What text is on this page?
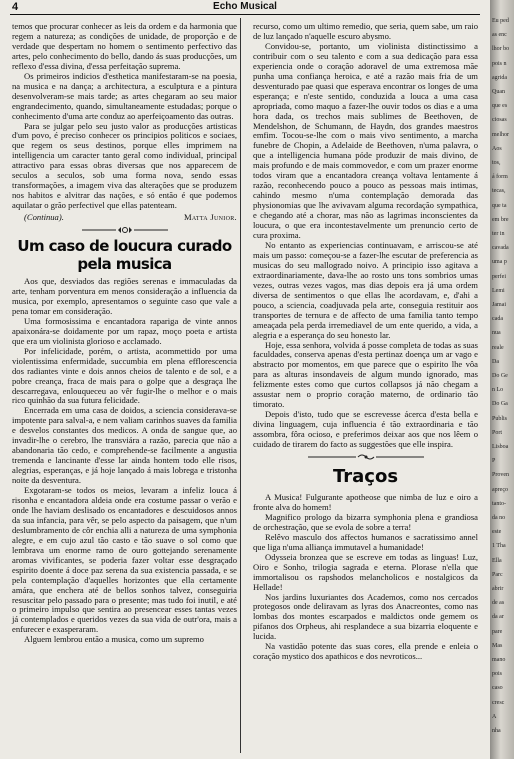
4	Echo Musical

temos que procurar conhecer as leis da ordem e da harmonia que regem a natureza; as condições de unidade, de proporção e de verdade que despertam no homem o sentimento perfectivo das artes, pelo conhecimento do bello, dando ás suas producções, um reflexo d'essa divina, d'essa perfeitação suprema.

Os primeiros indicios d'esthetica manifestaram-se na poesia, na musica e na dança; a architectura, a esculptura e a pintura desenvolveram-se mais tarde; as artes chegaram ao seu maior engrandecimento, quando, simultaneamente estudadas; porque o conhecimento d'uma arte conduz ao aperfeiçoamento das outras.

Para se julgar pelo seu justo valor as producções artisticas d'um povo, é preciso conhecer os principios politicos e sociaes, que regem os seus destinos, porque elles imprimem na intelligencia um caracter tanto geral como individual, principal attractivo para essas obras diversas que nos apparecem de seculos a seculos, sob uma forma nova, sendo essas transformações, a imagem viva das alterações que se produzem nos habitos e alvitrar das nações, e só então é que podemos aquilatar o grão perfectivel que ellas patenteam.

(Continua).	Matta Junior.

Um caso de loucura curado pela musica

Aos que, desviados das regiões serenas e immaculadas da arte, tenham porventura em menos consideração a influencia da musica, por exemplo, apresentamos o seguinte caso que vale a pena tomar em consideração.

Uma formosissima e encantadora rapariga de vinte annos apaixonára-se doidamente por um rapaz, moço poeta e artista que era um violinista glorioso e acclamado.

Por infelicidade, porém, o artista, acommettido por uma violentissima enfermidade, succumbia em plena efflorescencia dos radiantes vinte e dois annos cheios de talento e de sol, e a pobre creança, fraca de mais para o golpe que a desgraça lhe descarregava, enlouqueceu ao vêr fugir-lhe o melhor e o mais rico quinhão da sua futura felicidade.

Encerrada em uma casa de doidos, a sciencia considerava-se impotente para salval-a, e nem valiam carinhos suaves da familia e desvelos constantes dos medicos. A onda de sangue que, ao invadir-lhe o cerebro, lhe transviára a razão, parecia que não a abandonaria tão cedo, e comprehende-se facilmente a angustia tremenda e lancinante d'esse lar ainda hontem todo elle risos, alegrias, esperanças, e já hoje lançado á mais lobrega e tristonha noite da desventura.

Exgotaram-se todos os meios, levaram a infeliz louca á risonha e encantadora aldeia onde era costume passar o verão e onde lhe haviam deslisado os encantadores e descuidosos annos da sua infancia, para vêr, se pelo aspecto da paisagem, que n'um deslumbramento de côr enchia alli a natureza de uma symphonia alegre, e em cujo azul tão casto e tão suave o sol como que lembrava um enorme ramo de ouro gottejando serenamente aromas vivificantes, se poderia fazer voltar esse desgraçado espirito doente á doce paz serena da sua existencia passada, e se pela contemplação d'aquelles horizontes que ella certamente amára, que enchera até de bellos sonhos talvez, conseguiria resuscitar pelo passado para o presente; mas tudo foi inutil, e até o primeiro impulso que sentira ao presencear esses tantas vezes já contemplados e queridos vezes da sua vida de outr'ora, mais a enfurecer e exasperaram.

Alguem lembrou então a musica, como um supremo

recurso, como um ultimo remedio, que seria, quem sabe, um raio de luz lançado n'aquelle escuro abysmo.

Convidou-se, portanto, um violinista distinctissimo a contribuir com o seu talento e com a sua dedicação para essa experiencia onde o coração adoravel de uma extremosa mãe punha uma confiança heroica, e até a razão mais fria de um desventurado pae quasi que esperava encontrar os longes de uma esperança; e n'este sentido, conduzida a louca a uma casa apropriada, como maquo a fazer-lhe ouvir todos os dias e a uma hora dada, os trechos mais sublimes de Beethoven, de Mendelshon, de Schumann, de Haydn, dos grandes maestros emfim. Tocou-se-lhe com o mais vivo sentimento, a marcha funebre de Chopin, a Adelaide de Beethoven, n'uma palavra, o que a intelligencia humana póde produzir de mais divino, de mais profundo e de mais commovedor, e com um prazer enorme todos viram que a encantadora creança voltava lentamente á razão, reconhecendo pouco a pouco as pessoas mais intimas, cahindo mesmo n'uma contemplação demorada das physionomias que lhe avivavam alguma recordação sympathica, e chegando até a chorar, mas não as lagrimas inconscientes da loucura, o que era incontestavelmente um prenuncio certo de cura proxima.

No entanto as experiencias continuavam, e arriscou-se até mais um passo: começou-se a fazer-lhe escutar de preferencia as musicas do seu mallogrado noivo. A principio isso agitava a extraordinariamente, dava-lhe ao rosto uns tons sombrios umas vezes, outras vezes vagos, mas dias depois era já uma ordem diversa de sentimentos o que ellas lhe acordavam, e, d'ahi a pouco, a sciencia, coadjuvada pela arte, conseguia restituir aos transportes de ternura e de affecto de uma familia tanto tempo ameaçada pela perda irremediavel de um ente querido, a vida, a alegria e a esperança do seu honesto lar.

Hoje, essa senhora, volvida á posse completa de todas as suas faculdades, conserva apenas d'esta pertinaz doença um ar vago e abstracto por momentos, em que parece que o espirito lhe vôa para as alturas insondaveis de algum mundo ignorado, mas felizmente estes como que curtos collapsos já não chegam a assustar nem o proprio coração materno, de ordinario tão timorato.

Depois d'isto, tudo que se escrevesse ácerca d'esta bella e divina linguagem, cuja influencia é tão extraordinaria e tão assombra, fôra ocioso, e preferimos deixar aos que nos lêem o cuidado de tirarem do facto as suggestões que elle inspira.

Traços

A Musica! Fulgurante apotheose que nimba de luz e oiro a fronte alva do homem!

Magnifico prologo da bizarra symphonia plena e grandiosa de orchestração, que se evola de sobre a terra!

Relêvo masculo dos affectos humanos e sacratissimo annel que liga n'uma alliança immutavel a humanidade!

Odysseia bronzea que se escreve em todas as linguas! Luz, Oiro e Sonho, trilogia sagrada e eterna. Plorase n'ella que immortalisou os rapshodos melancholicos e nostalgicos da Hellade!

Nos jardins luxuriantes dos Academos, como nos cercados protegosos onde deliravam as lyras dos Anacreontes, como nas lombas dos montes escarpados e maldictos onde gemem os pifanos dos Orpheus, ahi resplandece a sua bizarria eloquente e lucida.

Na vastidão potente das suas cores, ella prende e enleia o coração mystico dos apathicos e dos nevroticos...

Eu ped
as enc
lhor bo
pois n
agrida
Quan
que es
ciosas
melhor
Aos
tos,
á form
tecas,
que ta
em bre
ter in
cavada
uma p
perfei
Lemi
Jamai
cada
nua
reale
Da
Do Ge
n Lo
Do Ga
Publis
Port
Lisboa
P
Proven
apreço
tanto-
da no
este
1 Tha
Ella
Parc
abrir
de as
da ar
pare
Mas
mano
pois
caso
cresc
A
nha
